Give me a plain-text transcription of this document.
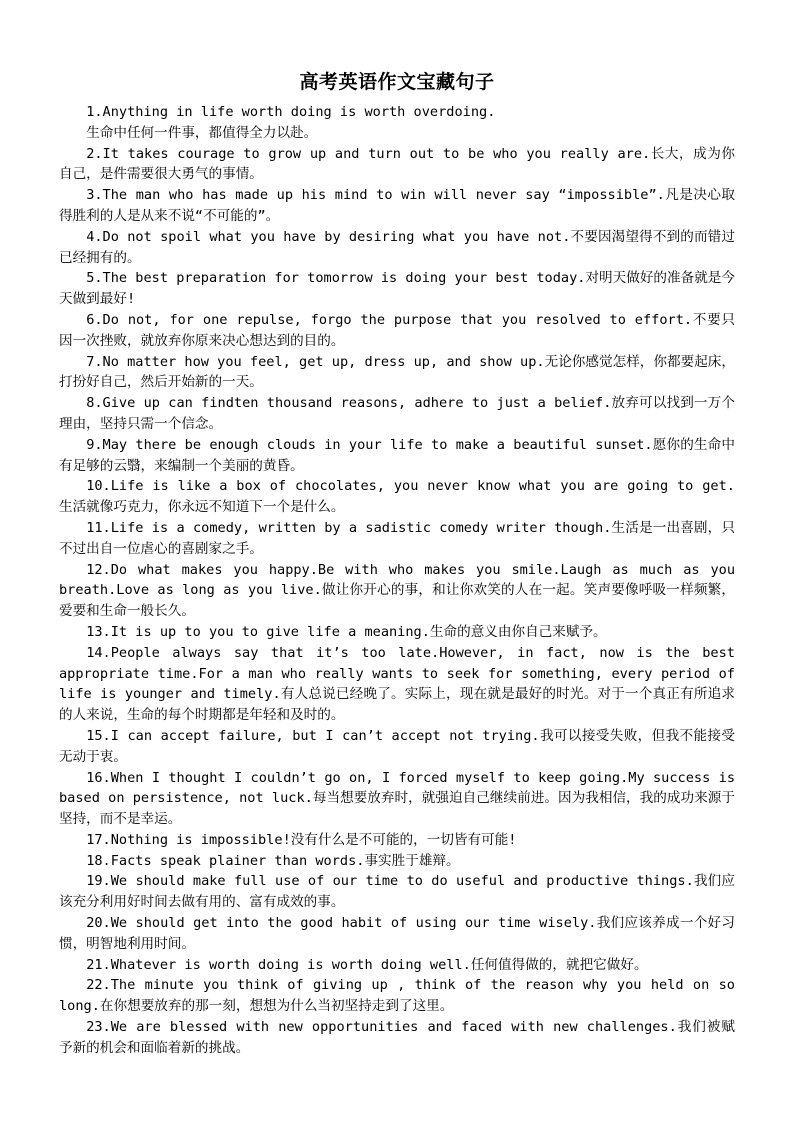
高考英语作文宝藏句子

1.Anything in life worth doing is worth overdoing.

生命中任何一件事，都值得全力以赴。

2.It takes courage to grow up and turn out to be who you really are.长大，成为你自己，是件需要很大勇气的事情。

3.The man who has made up his mind to win will never say “impossible”.凡是决心取得胜利的人是从来不说“不可能的”。

4.Do not spoil what you have by desiring what you have not.不要因渴望得不到的而错过已经拥有的。

5.The best preparation for tomorrow is doing your best today.对明天做好的准备就是今天做到最好!

6.Do not, for one repulse, forgo the purpose that you resolved to effort.不要只因一次挫败，就放弃你原来决心想达到的目的。

7.No matter how you feel, get up, dress up, and show up.无论你感觉怎样，你都要起床，打扮好自己，然后开始新的一天。

8.Give up can findten thousand reasons, adhere to just a belief.放弃可以找到一万个理由，坚持只需一个信念。

9.May there be enough clouds in your life to make a beautiful sunset.愿你的生命中有足够的云翳，来编制一个美丽的黄昏。

10.Life is like a box of chocolates, you never know what you are going to get.生活就像巧克力，你永远不知道下一个是什么。

11.Life is a comedy, written by a sadistic comedy writer though.生活是一出喜剧，只不过出自一位虐心的喜剧家之手。

12.Do what makes you happy.Be with who makes you smile.Laugh as much as you breath.Love as long as you live.做让你开心的事，和让你欢笑的人在一起。笑声要像呼吸一样频繁，爱要和生命一般长久。

13.It is up to you to give life a meaning.生命的意义由你自己来赋予。

14.People always say that it’s too late.However, in fact, now is the best appropriate time.For a man who really wants to seek for something, every period of life is younger and timely.有人总说已经晚了。实际上，现在就是最好的时光。对于一个真正有所追求的人来说，生命的每个时期都是年轻和及时的。

15.I can accept failure, but I can’t accept not trying.我可以接受失败，但我不能接受无动于衷。

16.When I thought I couldn’t go on, I forced myself to keep going.My success is based on persistence, not luck.每当想要放弃时，就强迫自己继续前进。因为我相信，我的成功来源于坚持，而不是幸运。

17.Nothing is impossible!没有什么是不可能的，一切皆有可能!

18.Facts speak plainer than words.事实胜于雄辩。

19.We should make full use of our time to do useful and productive things.我们应该充分利用好时间去做有用的、富有成效的事。

20.We should get into the good habit of using our time wisely.我们应该养成一个好习惯，明智地利用时间。

21.Whatever is worth doing is worth doing well.任何值得做的，就把它做好。

22.The minute you think of giving up , think of the reason why you held on so long.在你想要放弃的那一刻，想想为什么当初坚持走到了这里。

23.We are blessed with new opportunities and faced with new challenges.我们被赋予新的机会和面临着新的挑战。
